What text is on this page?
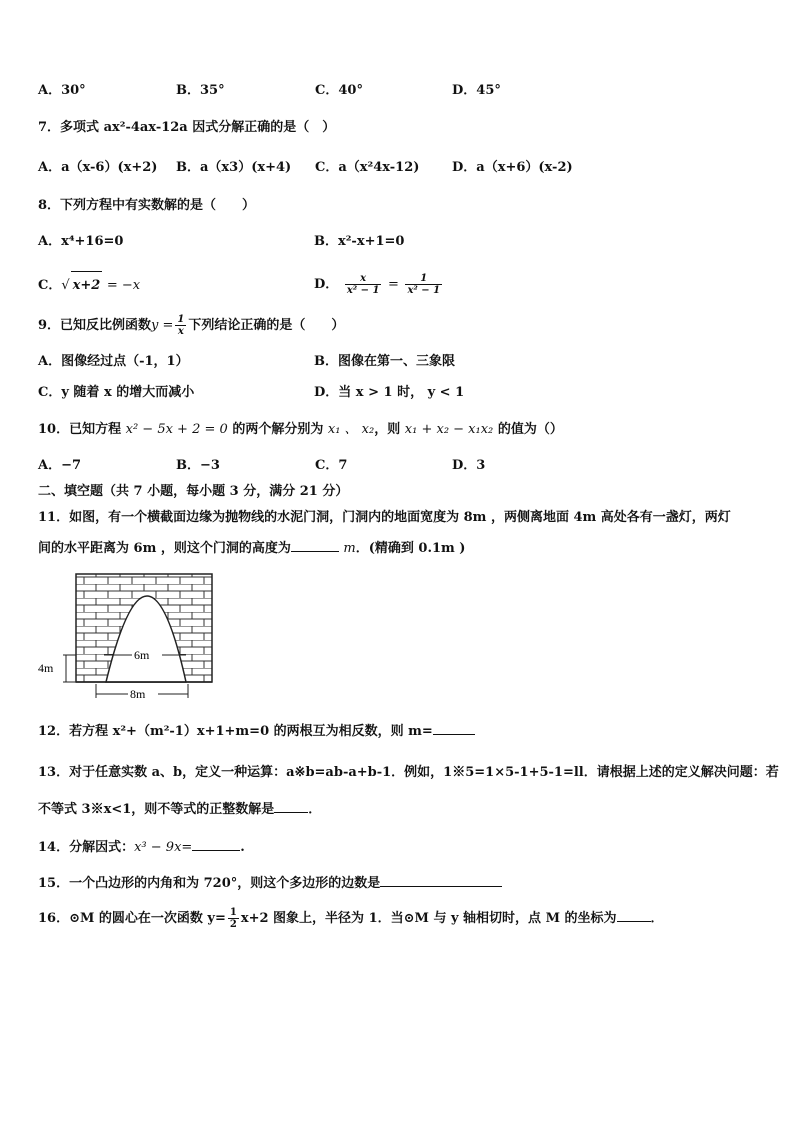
A．30°	B．35°	C．40°	D．45°
7．多项式 ax²-4ax-12a 因式分解正确的是（　）
A．a（x-6）(x+2) B．a（x3）(x+4) C．a（x²4x-12)	D．a（x+6）(x-2)
8．下列方程中有实数解的是（　　）
A．x⁴+16=0	B．x²-x+1=0
C．√ x+2 = −x	D． $\frac{x}{\text{x² − 1}} = \frac{1}{\text{x² − 1}}$
9．已知反比例函数$y = \frac{1}{x}$ 下列结论正确的是（　　）
A．图像经过点（-1，1）	B．图像在第一、三象限
C．y 随着 x 的增大而减小	D．当 x > 1 时， y < 1
10．已知方程 x² − 5x + 2 = 0 的两个解分别为 x₁ 、 x₂，则 x₁ + x₂ − x₁x₂ 的值为（）
A．−7	B．−3	C．7	D．3
二、填空题（共 7 小题，每小题 3 分，满分 21 分）
11．如图，有一个横截面边缘为抛物线的水泥门洞，门洞内的地面宽度为 8m ，两侧离地面 4m 高处各有一盏灯，两灯
间的水平距离为 6m ，则这个门洞的高度为	m．(精确到 0.1m )
4m
6m
8m
12．若方程 x²+（m²-1）x+1+m=0 的两根互为相反数，则 m=
13．对于任意实数 a、b，定义一种运算：a※b=ab-a+b-1．例如，1※5=1×5-1+5-1=ll．请根据上述的定义解决问题：若
不等式 3※x<1，则不等式的正整数解是	．
14．分解因式：x³ − 9x=	.
15．一个凸边形的内角和为 720°，则这个多边形的边数是
16．⊙M 的圆心在一次函数 $y= \frac{1}{2} x+2$ 图象上，半径为 1．当⊙M 与 y 轴相切时，点 M 的坐标为	．
